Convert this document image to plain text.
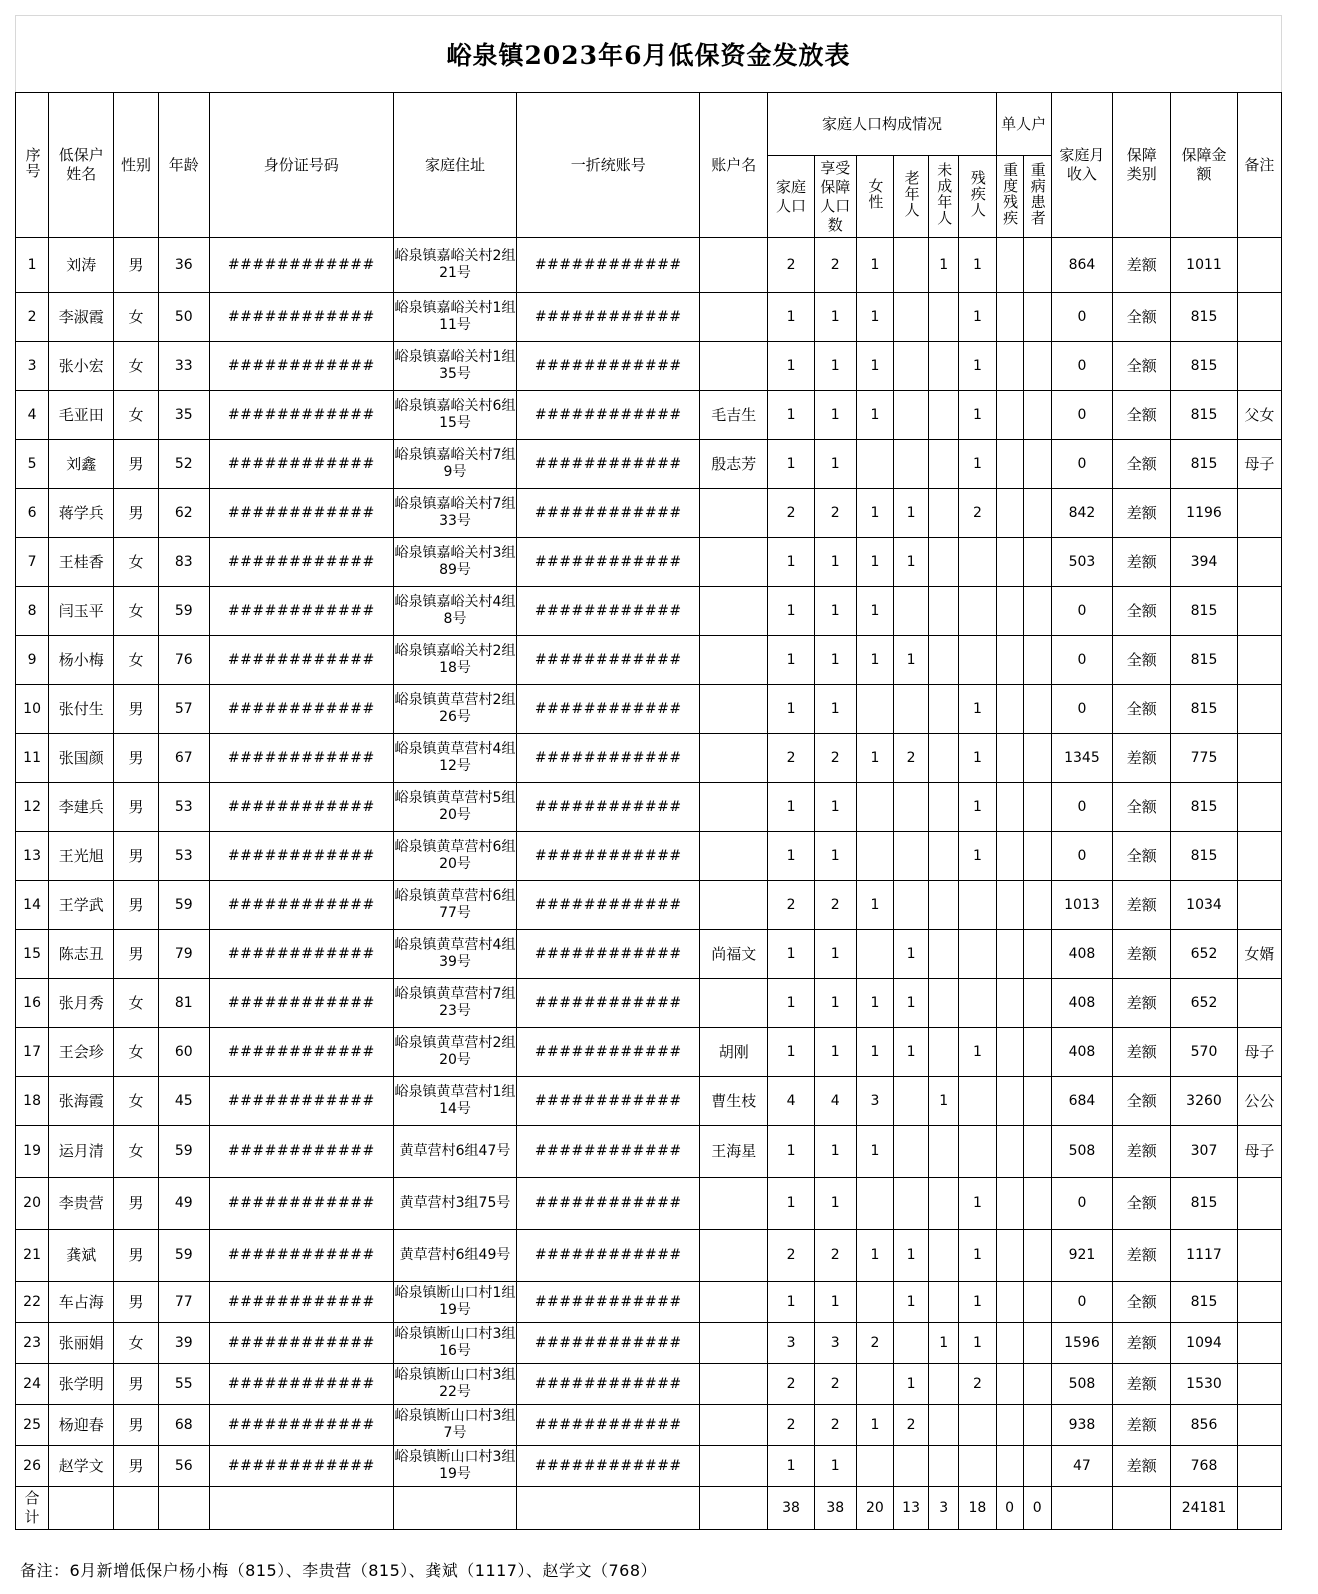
峪泉镇2023年6月低保资金发放表
序号	低保户姓名	性别	年龄	身份证号码	家庭住址	一折统账号	账户名	家庭人口构成情况						单人户		家庭月收入	保障类别	保障金额	备注

								家庭人口	享受保障人口数	女性	老年人	未成年人	残疾人	重度残疾	重病患者				
1	刘涛	男	36	############	峪泉镇嘉峪关村2组21号	############		2	2	1		1	1			864	差额	1011	
2	李淑霞	女	50	############	峪泉镇嘉峪关村1组11号	############		1	1	1			1			0	全额	815	
3	张小宏	女	33	############	峪泉镇嘉峪关村1组35号	############		1	1	1			1			0	全额	815	
4	毛亚田	女	35	############	峪泉镇嘉峪关村6组15号	############	毛吉生	1	1	1			1			0	全额	815	父女
5	刘鑫	男	52	############	峪泉镇嘉峪关村7组9号	############	殷志芳	1	1				1			0	全额	815	母子
6	蒋学兵	男	62	############	峪泉镇嘉峪关村7组33号	############		2	2	1	1		2			842	差额	1196	
7	王桂香	女	83	############	峪泉镇嘉峪关村3组89号	############		1	1	1	1					503	差额	394	
8	闫玉平	女	59	############	峪泉镇嘉峪关村4组8号	############		1	1	1						0	全额	815	
9	杨小梅	女	76	############	峪泉镇嘉峪关村2组18号	############		1	1	1	1					0	全额	815	
10	张付生	男	57	############	峪泉镇黄草营村2组26号	############		1	1				1			0	全额	815	
11	张国颜	男	67	############	峪泉镇黄草营村4组12号	############		2	2	1	2		1			1345	差额	775	
12	李建兵	男	53	############	峪泉镇黄草营村5组20号	############		1	1				1			0	全额	815	
13	王光旭	男	53	############	峪泉镇黄草营村6组20号	############		1	1				1			0	全额	815	
14	王学武	男	59	############	峪泉镇黄草营村6组77号	############		2	2	1						1013	差额	1034	
15	陈志丑	男	79	############	峪泉镇黄草营村4组39号	############	尚福文	1	1		1					408	差额	652	女婿
16	张月秀	女	81	############	峪泉镇黄草营村7组23号	############		1	1	1	1					408	差额	652	
17	王会珍	女	60	############	峪泉镇黄草营村2组20号	############	胡刚	1	1	1	1		1			408	差额	570	母子
18	张海霞	女	45	############	峪泉镇黄草营村1组14号	############	曹生枝	4	4	3		1				684	全额	3260	公公
19	运月清	女	59	############	黄草营村6组47号	############	王海星	1	1	1						508	差额	307	母子
20	李贵营	男	49	############	黄草营村3组75号	############		1	1				1			0	全额	815	
21	龚斌	男	59	############	黄草营村6组49号	############		2	2	1	1		1			921	差额	1117	
22	车占海	男	77	############	峪泉镇断山口村1组19号	############		1	1		1		1			0	全额	815	
23	张丽娟	女	39	############	峪泉镇断山口村3组16号	############		3	3	2		1	1			1596	差额	1094	
24	张学明	男	55	############	峪泉镇断山口村3组22号	############		2	2		1		2			508	差额	1530	
25	杨迎春	男	68	############	峪泉镇断山口村3组7号	############		2	2	1	2					938	差额	856	
26	赵学文	男	56	############	峪泉镇断山口村3组19号	############		1	1							47	差额	768	

合计								38	38	20	13	3	18	0	0			24181	
备注：6月新增低保户杨小梅（815）、李贵营（815）、龚斌（1117）、赵学文（768）
